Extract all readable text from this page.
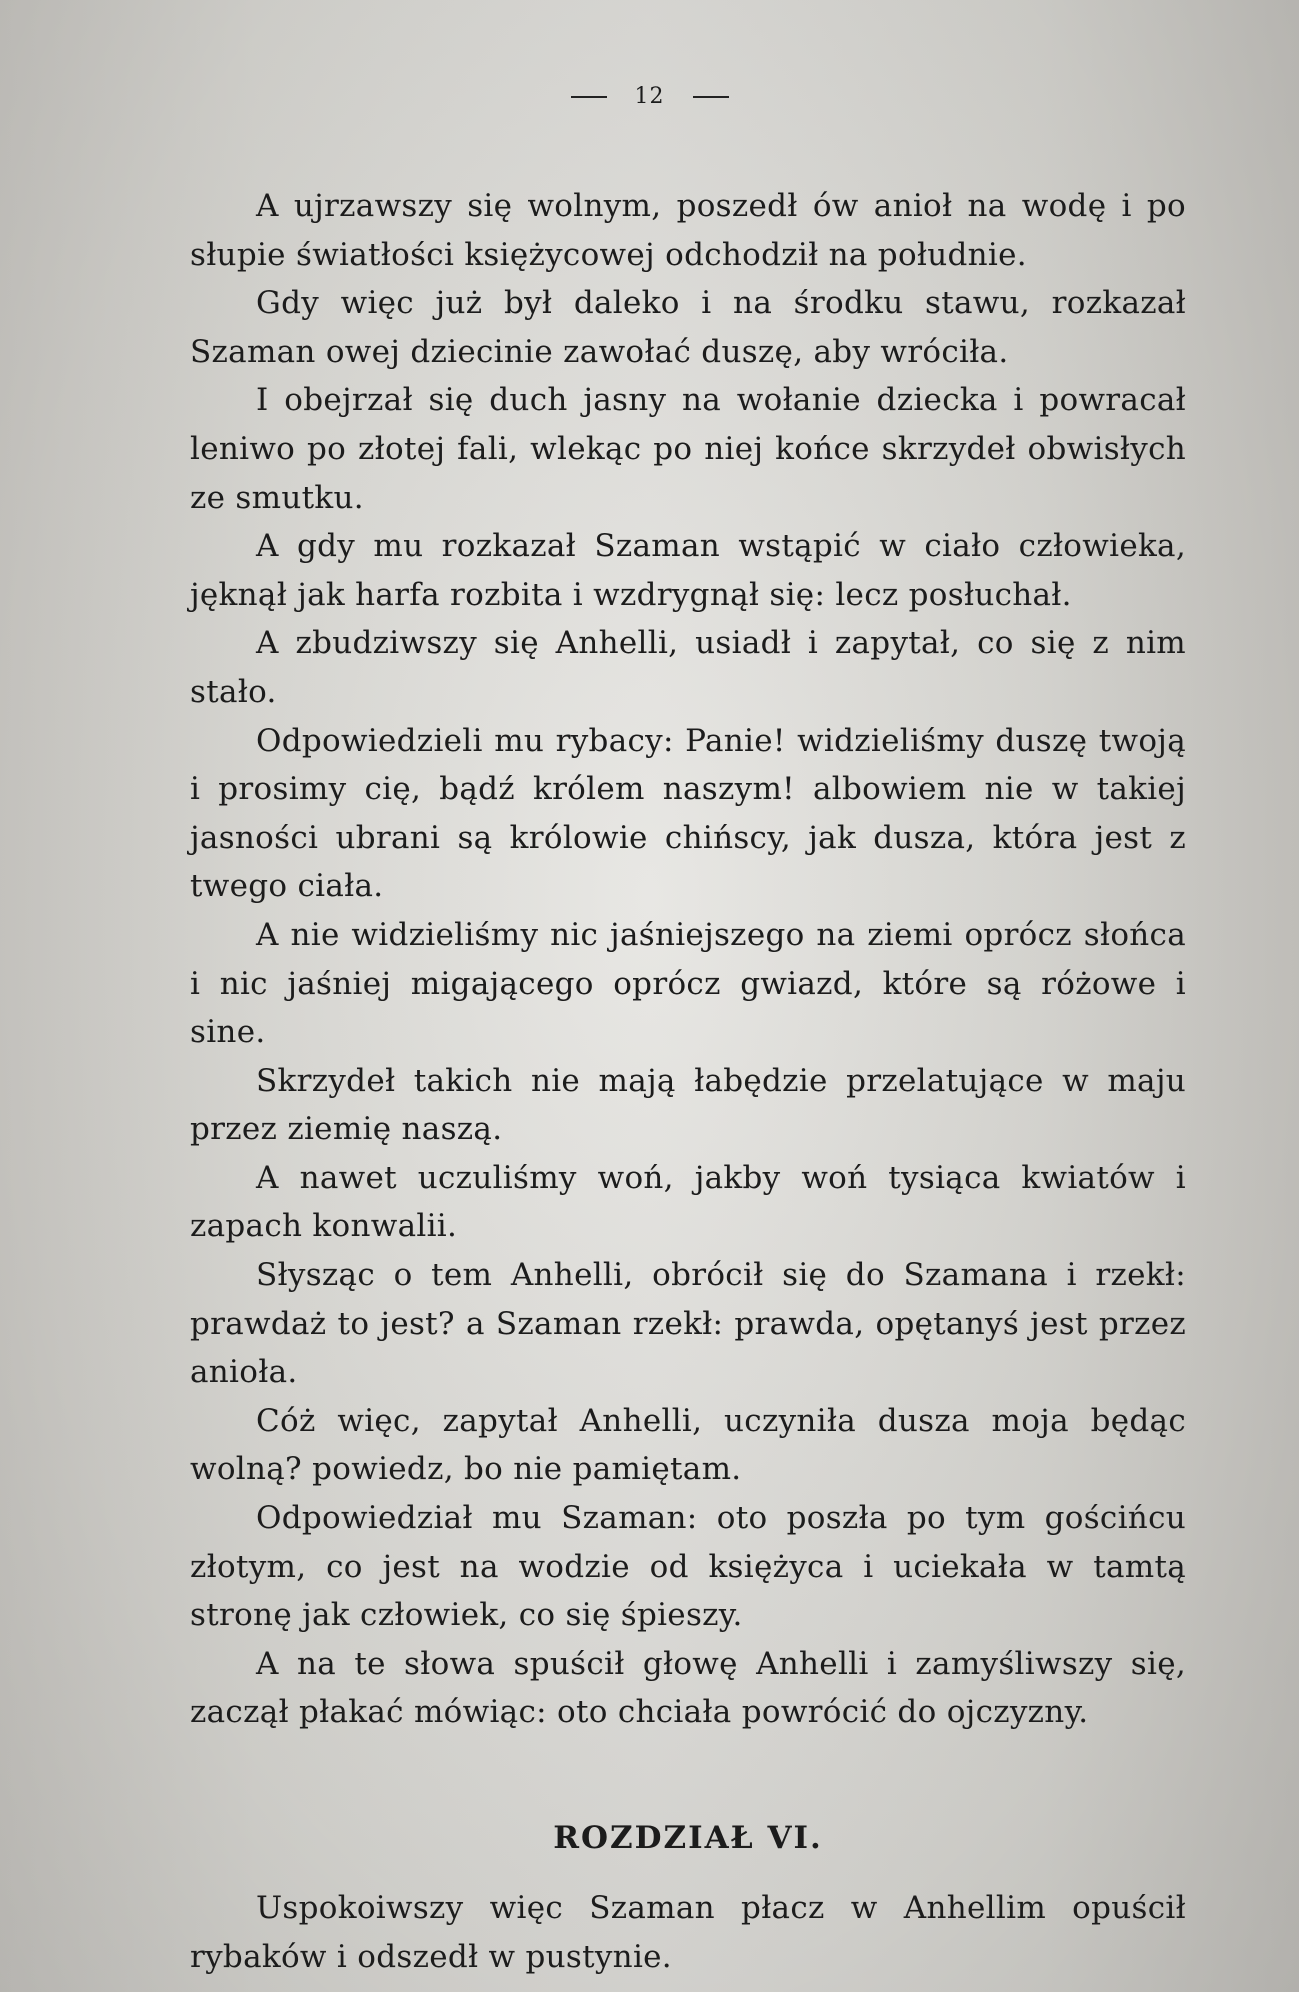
12

A ujrzawszy się wolnym, poszedł ów anioł na wodę i po słupie światłości księżycowej odchodził na południe.

Gdy więc już był daleko i na środku stawu, rozkazał Szaman owej dziecinie zawołać duszę, aby wróciła.

I obejrzał się duch jasny na wołanie dziecka i powracał leniwo po złotej fali, wlekąc po niej końce skrzydeł obwisłych ze smutku.

A gdy mu rozkazał Szaman wstąpić w ciało człowieka, jęknął jak harfa rozbita i wzdrygnął się: lecz posłuchał.

A zbudziwszy się Anhelli, usiadł i zapytał, co się z nim stało.

Odpowiedzieli mu rybacy: Panie! widzieliśmy duszę twoją i prosimy cię, bądź królem naszym! albowiem nie w takiej jasności ubrani są królowie chińscy, jak dusza, która jest z twego ciała.

A nie widzieliśmy nic jaśniejszego na ziemi oprócz słońca i nic jaśniej migającego oprócz gwiazd, które są różowe i sine.

Skrzydeł takich nie mają łabędzie przelatujące w maju przez ziemię naszą.

A nawet uczuliśmy woń, jakby woń tysiąca kwiatów i zapach konwalii.

Słysząc o tem Anhelli, obrócił się do Szamana i rzekł: prawdaż to jest? a Szaman rzekł: prawda, opętanyś jest przez anioła.

Cóż więc, zapytał Anhelli, uczyniła dusza moja będąc wolną? powiedz, bo nie pamiętam.

Odpowiedział mu Szaman: oto poszła po tym gościńcu złotym, co jest na wodzie od księżyca i uciekała w tamtą stronę jak człowiek, co się śpieszy.

A na te słowa spuścił głowę Anhelli i zamyśliwszy się, zaczął płakać mówiąc: oto chciała powrócić do ojczyzny.

ROZDZIAŁ VI.

Uspokoiwszy więc Szaman płacz w Anhellim opuścił rybaków i odszedł w pustynie.
